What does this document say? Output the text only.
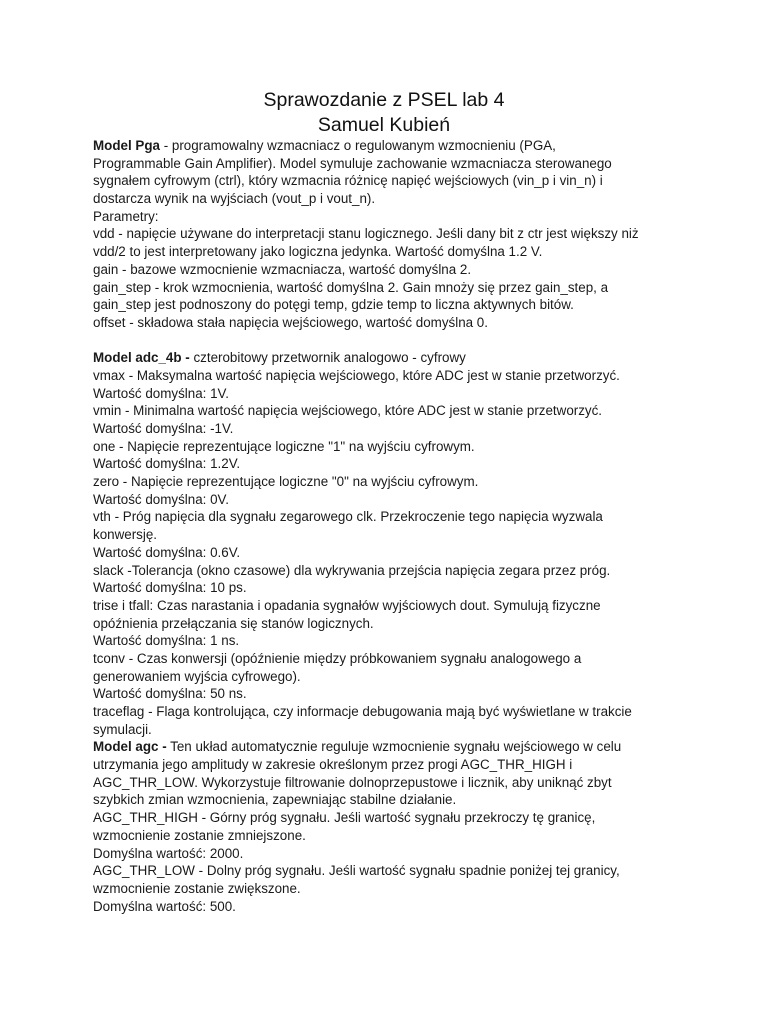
Sprawozdanie z PSEL lab 4
Samuel Kubień
Model Pga - programowalny wzmacniacz o regulowanym wzmocnieniu (PGA,
Programmable Gain Amplifier). Model symuluje zachowanie wzmacniacza sterowanego
sygnałem cyfrowym (ctrl), który wzmacnia różnicę napięć wejściowych (vin_p i vin_n) i
dostarcza wynik na wyjściach (vout_p i vout_n).
Parametry:
vdd - napięcie używane do interpretacji stanu logicznego. Jeśli dany bit z ctr jest większy niż
vdd/2 to jest interpretowany jako logiczna jedynka. Wartość domyślna 1.2 V.
gain - bazowe wzmocnienie wzmacniacza, wartość domyślna 2.
gain_step - krok wzmocnienia, wartość domyślna 2. Gain mnoży się przez gain_step, a
gain_step jest podnoszony do potęgi temp, gdzie temp to liczna aktywnych bitów.
offset - składowa stała napięcia wejściowego, wartość domyślna 0.
Model adc_4b - czterobitowy przetwornik analogowo - cyfrowy
vmax - Maksymalna wartość napięcia wejściowego, które ADC jest w stanie przetworzyć.
Wartość domyślna: 1V.
vmin - Minimalna wartość napięcia wejściowego, które ADC jest w stanie przetworzyć.
Wartość domyślna: -1V.
one - Napięcie reprezentujące logiczne "1" na wyjściu cyfrowym.
Wartość domyślna: 1.2V.
zero - Napięcie reprezentujące logiczne "0" na wyjściu cyfrowym.
Wartość domyślna: 0V.
vth - Próg napięcia dla sygnału zegarowego clk. Przekroczenie tego napięcia wyzwala
konwersję.
Wartość domyślna: 0.6V.
slack -Tolerancja (okno czasowe) dla wykrywania przejścia napięcia zegara przez próg.
Wartość domyślna: 10 ps.
trise i tfall: Czas narastania i opadania sygnałów wyjściowych dout. Symulują fizyczne
opóźnienia przełączania się stanów logicznych.
Wartość domyślna: 1 ns.
tconv - Czas konwersji (opóźnienie między próbkowaniem sygnału analogowego a
generowaniem wyjścia cyfrowego).
Wartość domyślna: 50 ns.
traceflag - Flaga kontrolująca, czy informacje debugowania mają być wyświetlane w trakcie
symulacji.
Model agc - Ten układ automatycznie reguluje wzmocnienie sygnału wejściowego w celu
utrzymania jego amplitudy w zakresie określonym przez progi AGC_THR_HIGH i
AGC_THR_LOW. Wykorzystuje filtrowanie dolnoprzepustowe i licznik, aby uniknąć zbyt
szybkich zmian wzmocnienia, zapewniając stabilne działanie.
AGC_THR_HIGH - Górny próg sygnału. Jeśli wartość sygnału przekroczy tę granicę,
wzmocnienie zostanie zmniejszone.
Domyślna wartość: 2000.
AGC_THR_LOW - Dolny próg sygnału. Jeśli wartość sygnału spadnie poniżej tej granicy,
wzmocnienie zostanie zwiększone.
Domyślna wartość: 500.
